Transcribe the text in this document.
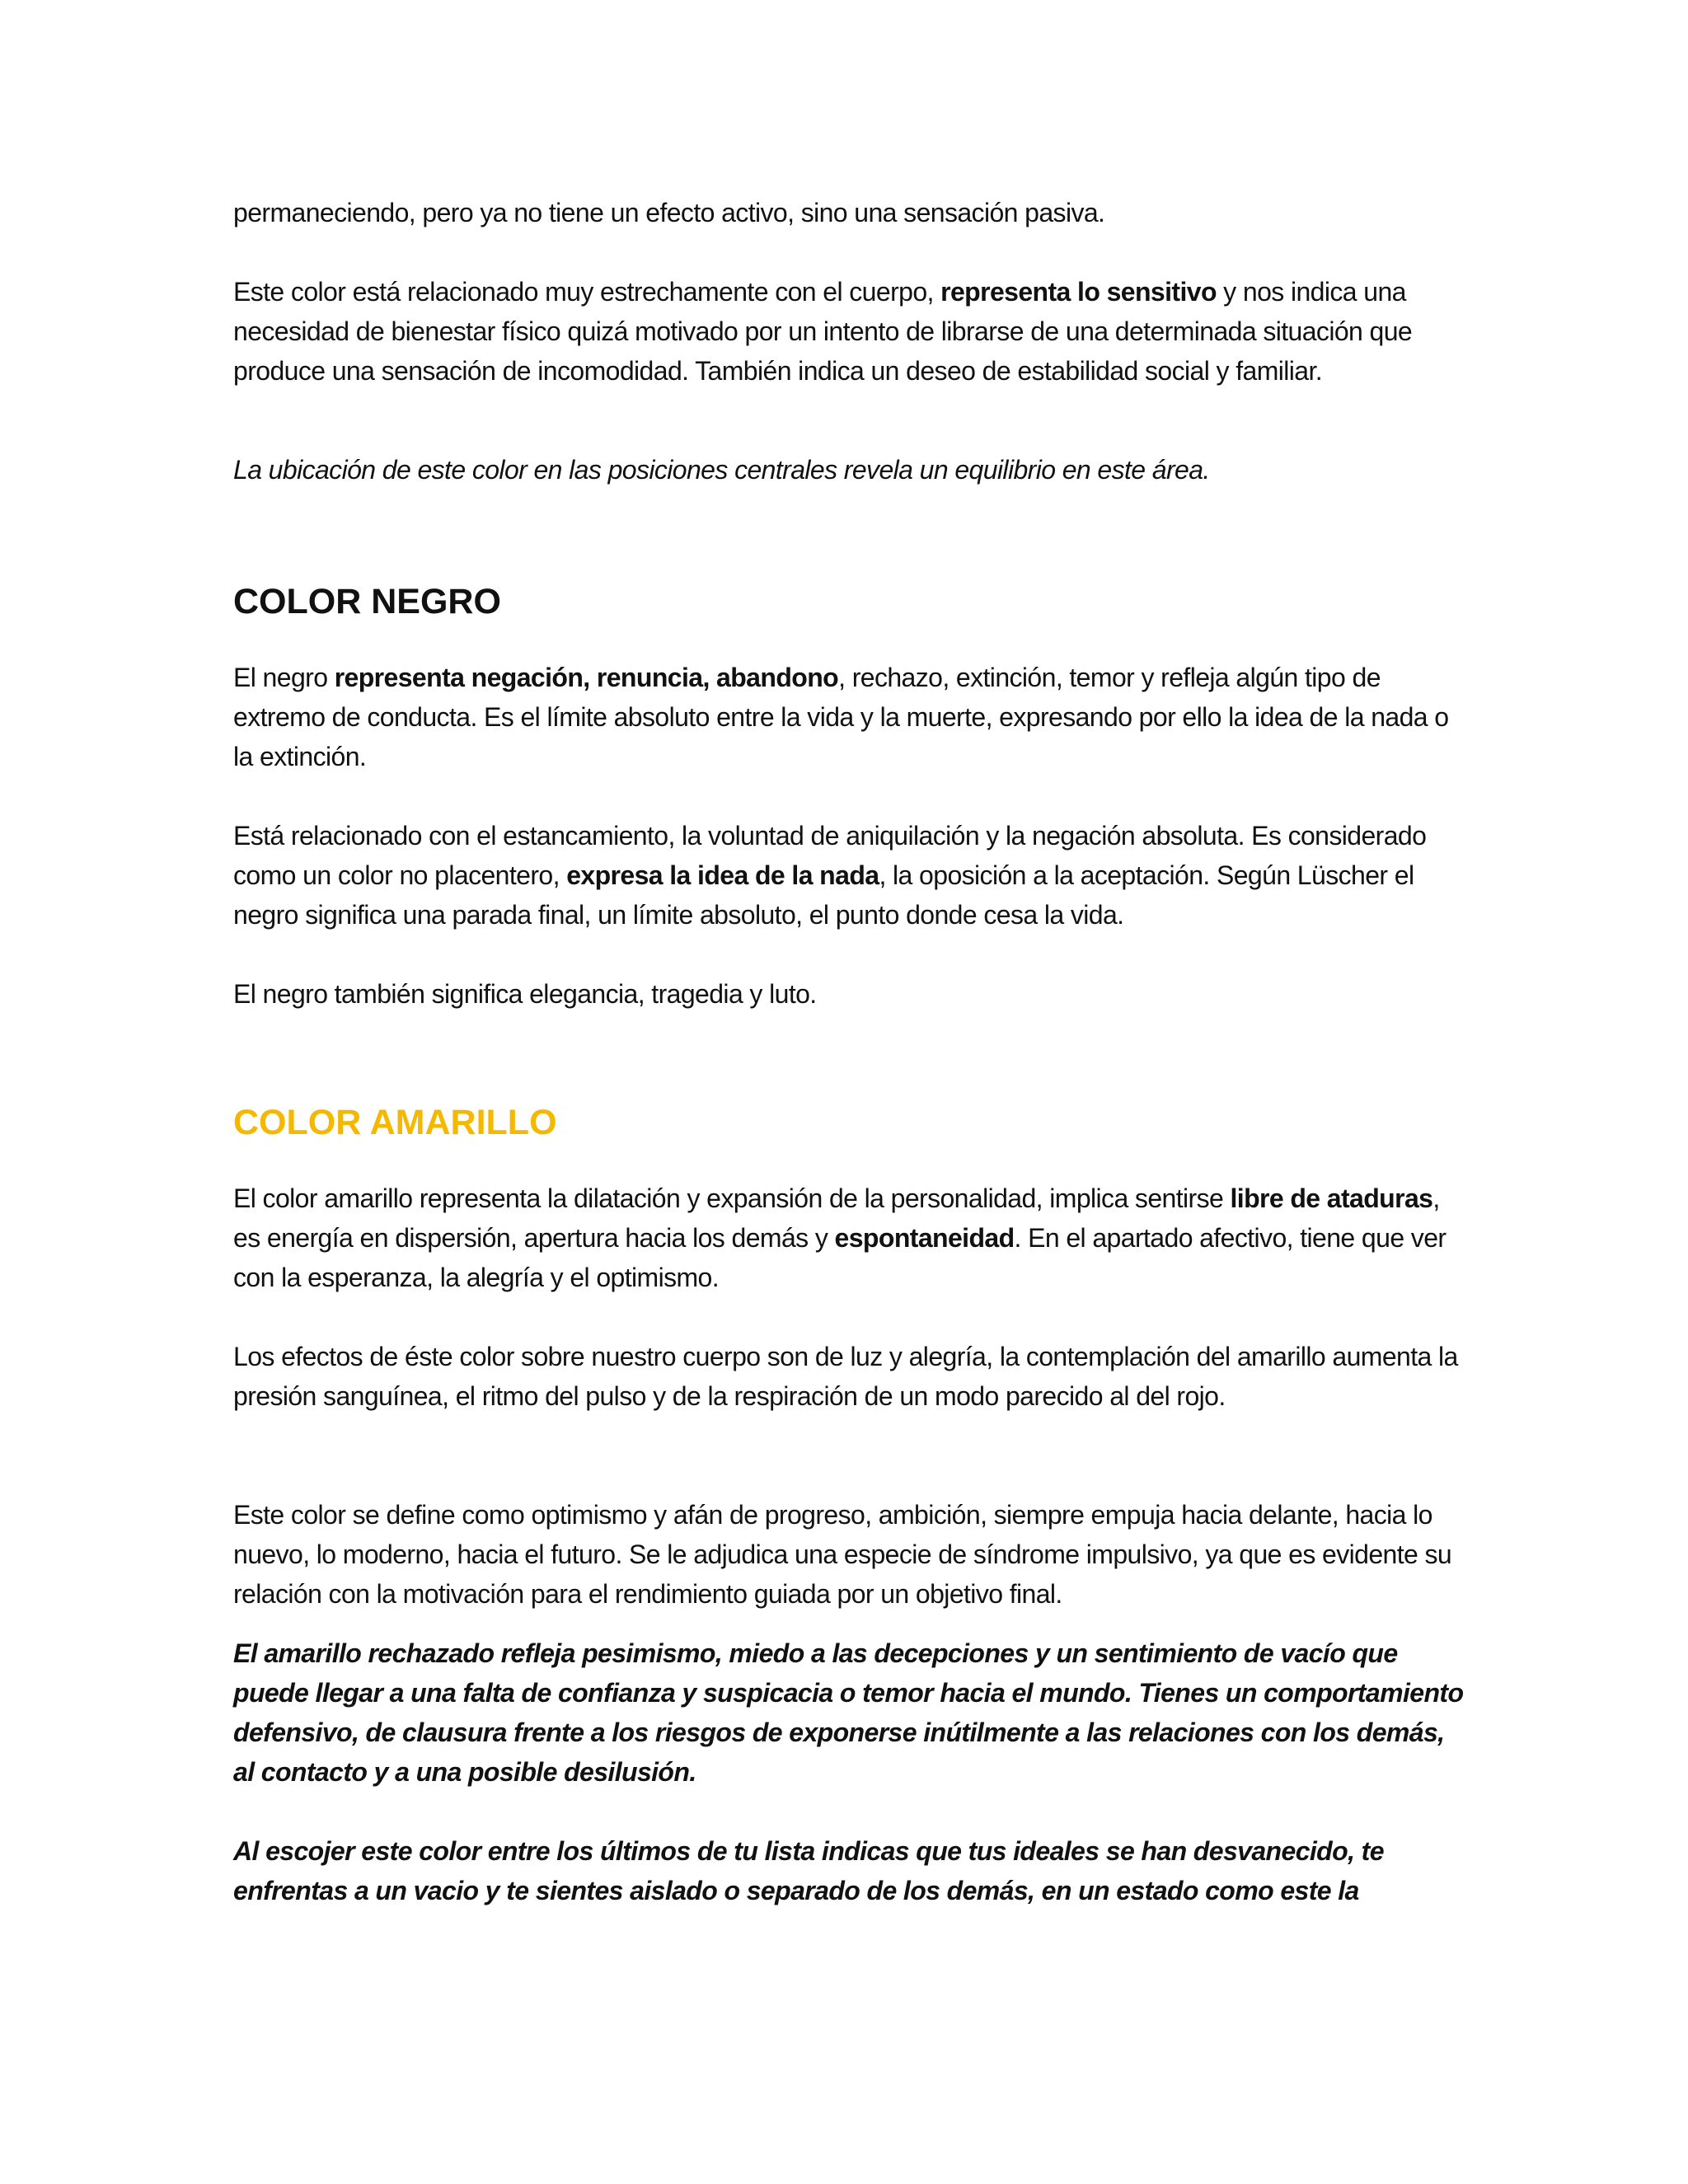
permaneciendo, pero ya no tiene un efecto activo, sino una sensación pasiva.

Este color está relacionado muy estrechamente con el cuerpo, representa lo sensitivo y nos indica una necesidad de bienestar físico quizá motivado por un intento de librarse de una determinada situación que produce una sensación de incomodidad. También indica un deseo de estabilidad social y familiar.

La ubicación de este color en las posiciones centrales revela un equilibrio en este área.

COLOR NEGRO

El negro representa negación, renuncia, abandono, rechazo, extinción, temor y refleja algún tipo de extremo de conducta. Es el límite absoluto entre la vida y la muerte, expresando por ello la idea de la nada o la extinción.

Está relacionado con el estancamiento, la voluntad de aniquilación y la negación absoluta. Es considerado como un color no placentero, expresa la idea de la nada, la oposición a la aceptación. Según Lüscher el negro significa una parada final, un límite absoluto, el punto donde cesa la vida.

El negro también significa elegancia, tragedia y luto.

COLOR AMARILLO

El color amarillo representa la dilatación y expansión de la personalidad, implica sentirse libre de ataduras, es energía en dispersión, apertura hacia los demás y espontaneidad. En el apartado afectivo, tiene que ver con la esperanza, la alegría y el optimismo.

Los efectos de éste color sobre nuestro cuerpo son de luz y alegría, la contemplación del amarillo aumenta la presión sanguínea, el ritmo del pulso y de la respiración de un modo parecido al del rojo.

Este color se define como optimismo y afán de progreso, ambición, siempre empuja hacia delante, hacia lo nuevo, lo moderno, hacia el futuro. Se le adjudica una especie de síndrome impulsivo, ya que es evidente su relación con la motivación para el rendimiento guiada por un objetivo final.

El amarillo rechazado refleja pesimismo, miedo a las decepciones y un sentimiento de vacío que puede llegar a una falta de confianza y suspicacia o temor hacia el mundo. Tienes un comportamiento defensivo, de clausura frente a los riesgos de exponerse inútilmente a las relaciones con los demás, al contacto y a una posible desilusión.

Al escojer este color entre los últimos de tu lista indicas que tus ideales se han desvanecido, te enfrentas a un vacio y te sientes aislado o separado de los demás, en un estado como este la
